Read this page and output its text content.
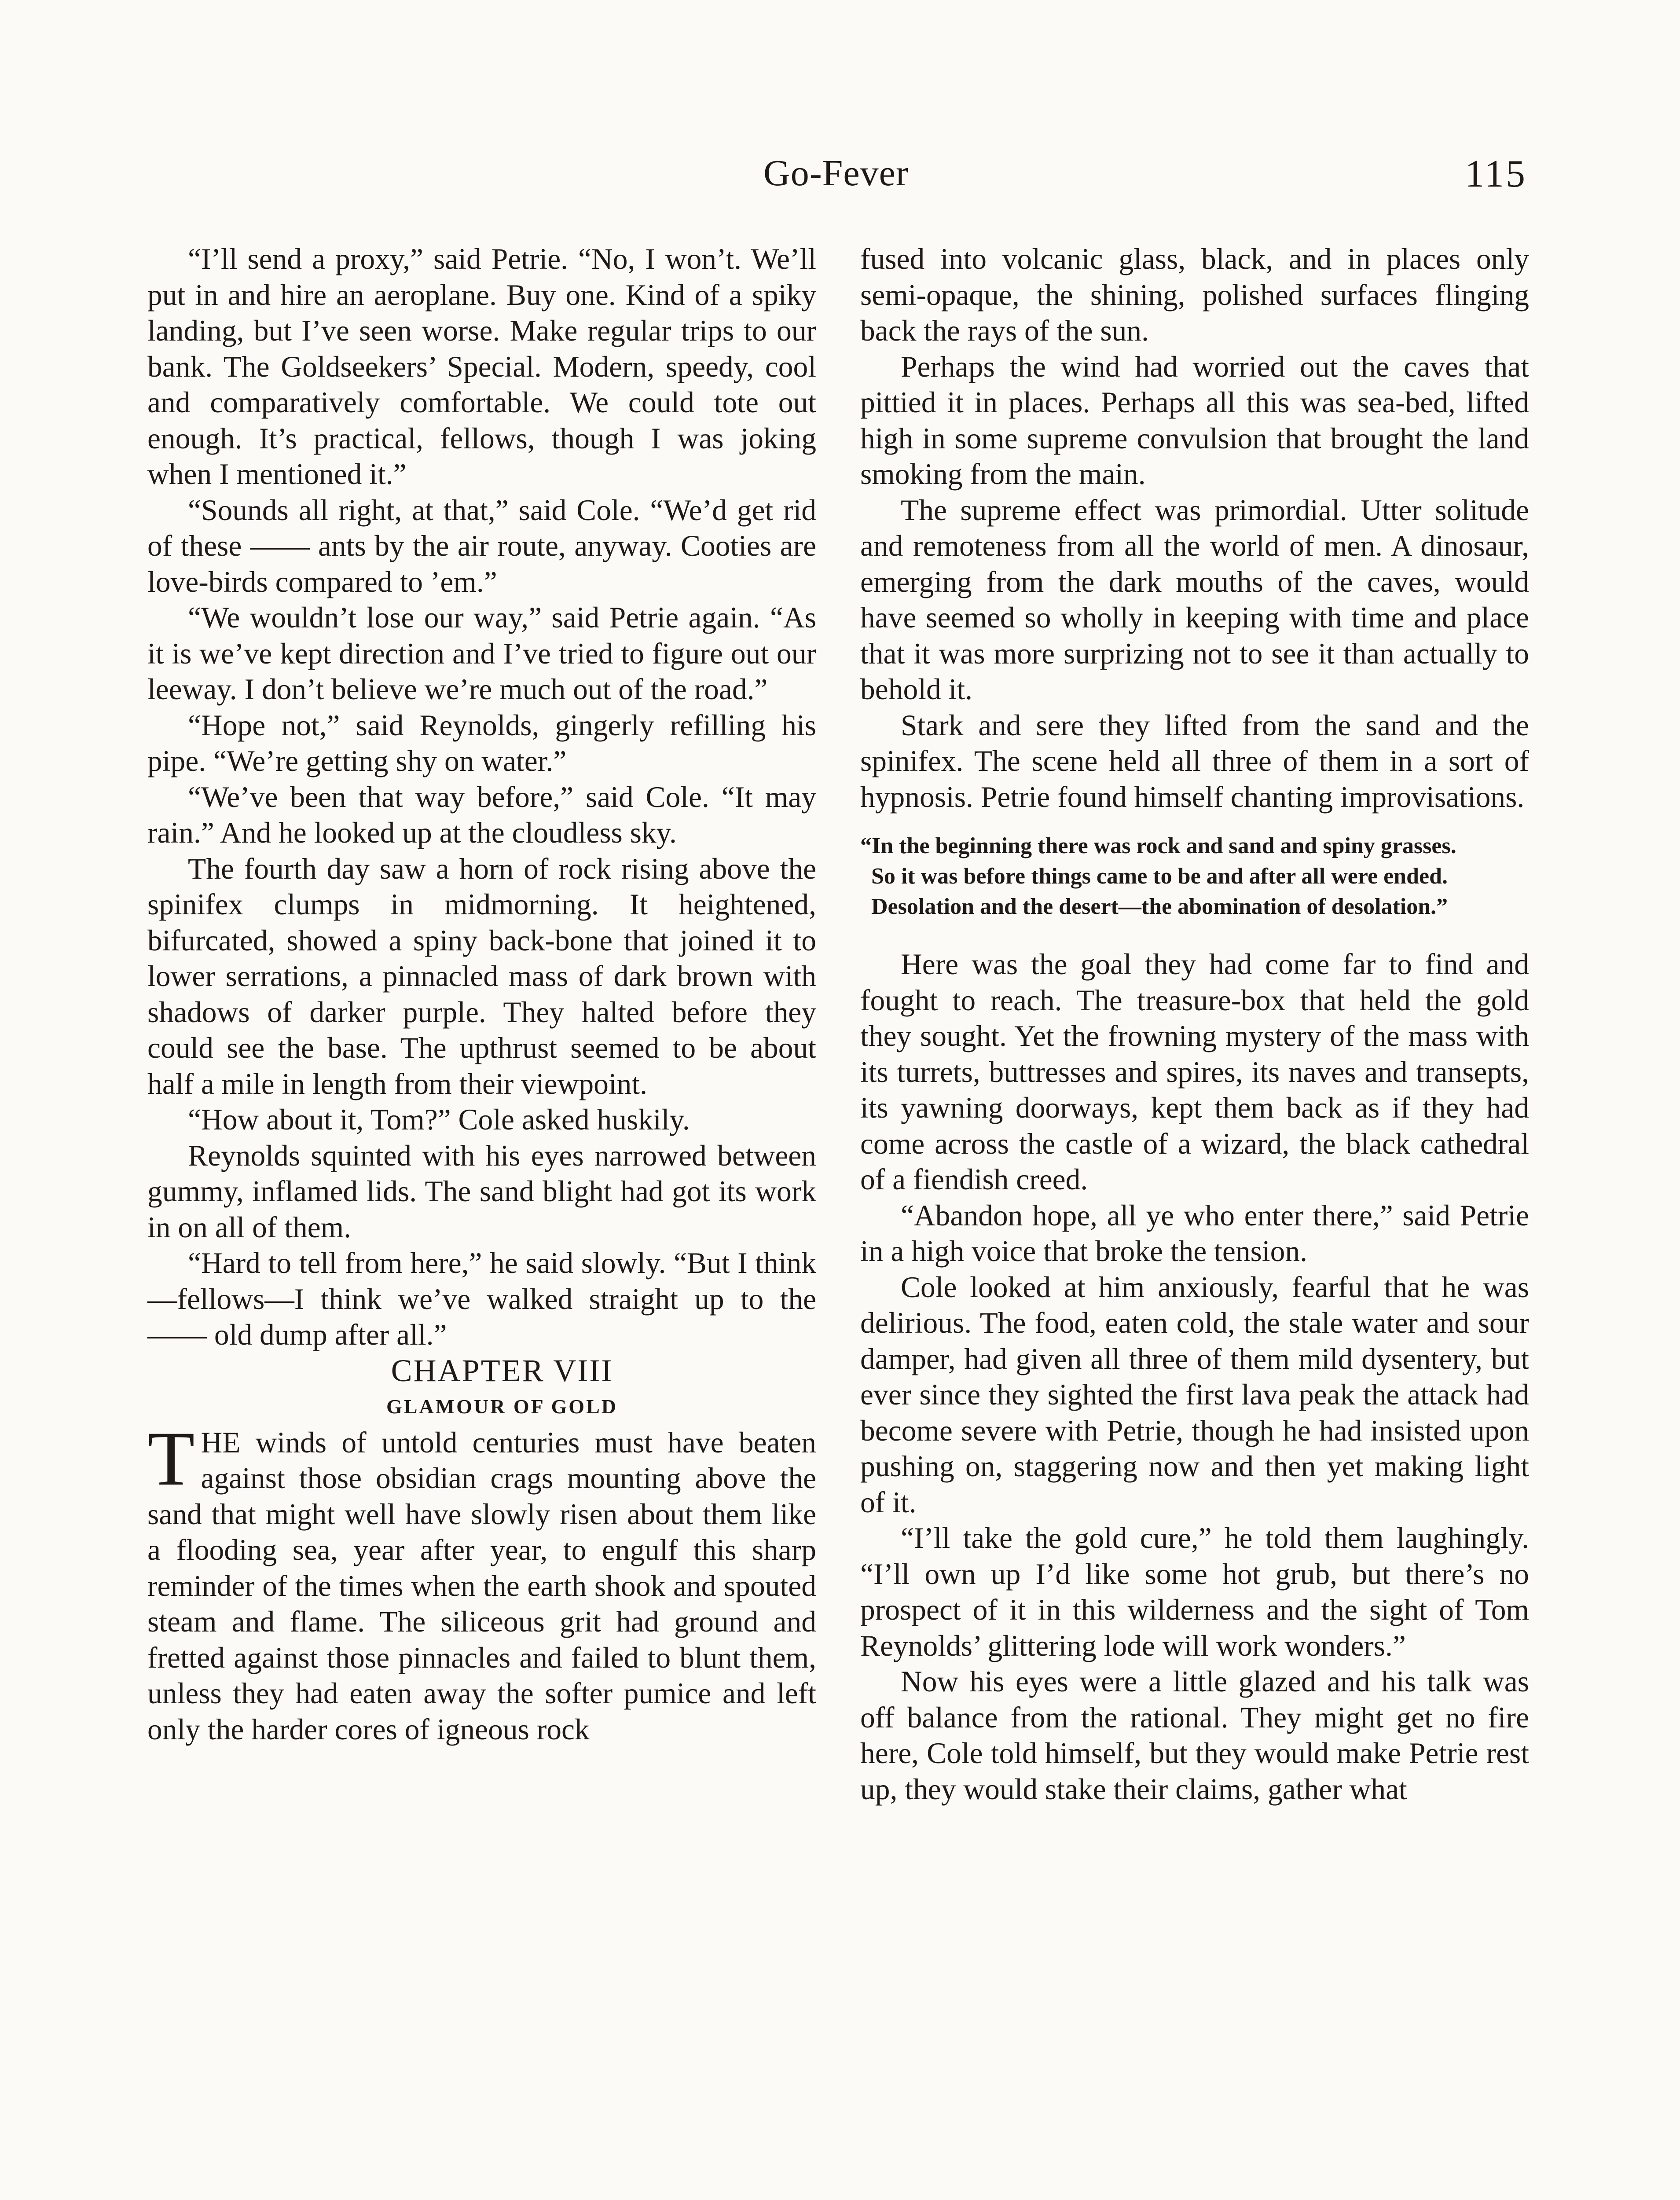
Go-Fever	115

“I’ll send a proxy,” said Petrie. “No, I won’t. We’ll put in and hire an aeroplane. Buy one. Kind of a spiky landing, but I’ve seen worse. Make regular trips to our bank. The Goldseekers’ Special. Modern, speedy, cool and comparatively comfortable. We could tote out enough. It’s practical, fellows, though I was joking when I mentioned it.”

“Sounds all right, at that,” said Cole. “We’d get rid of these —— ants by the air route, anyway. Cooties are love-birds compared to ’em.”

“We wouldn’t lose our way,” said Petrie again. “As it is we’ve kept direction and I’ve tried to figure out our leeway. I don’t believe we’re much out of the road.”

“Hope not,” said Reynolds, gingerly refilling his pipe. “We’re getting shy on water.”

“We’ve been that way before,” said Cole. “It may rain.” And he looked up at the cloudless sky.

The fourth day saw a horn of rock rising above the spinifex clumps in midmorning. It heightened, bifurcated, showed a spiny back-bone that joined it to lower serrations, a pinnacled mass of dark brown with shadows of darker purple. They halted before they could see the base. The upthrust seemed to be about half a mile in length from their viewpoint.

“How about it, Tom?” Cole asked huskily.

Reynolds squinted with his eyes narrowed between gummy, inflamed lids. The sand blight had got its work in on all of them.

“Hard to tell from here,” he said slowly. “But I think—fellows—I think we’ve walked straight up to the —— old dump after all.”

CHAPTER VIII

GLAMOUR OF GOLD

THE winds of untold centuries must have beaten against those obsidian crags mounting above the sand that might well have slowly risen about them like a flooding sea, year after year, to engulf this sharp reminder of the times when the earth shook and spouted steam and flame. The siliceous grit had ground and fretted against those pinnacles and failed to blunt them, unless they had eaten away the softer pumice and left only the harder cores of igneous rock

fused into volcanic glass, black, and in places only semi-opaque, the shining, polished surfaces flinging back the rays of the sun.

Perhaps the wind had worried out the caves that pittied it in places. Perhaps all this was sea-bed, lifted high in some supreme convulsion that brought the land smoking from the main.

The supreme effect was primordial. Utter solitude and remoteness from all the world of men. A dinosaur, emerging from the dark mouths of the caves, would have seemed so wholly in keeping with time and place that it was more surprizing not to see it than actually to behold it.

Stark and sere they lifted from the sand and the spinifex. The scene held all three of them in a sort of hypnosis. Petrie found himself chanting improvisations.

“In the beginning there was rock and sand and spiny grasses.
So it was before things came to be and after all were ended.
Desolation and the desert—the abomination of desolation.”

Here was the goal they had come far to find and fought to reach. The treasure-box that held the gold they sought. Yet the frowning mystery of the mass with its turrets, buttresses and spires, its naves and transepts, its yawning doorways, kept them back as if they had come across the castle of a wizard, the black cathedral of a fiendish creed.

“Abandon hope, all ye who enter there,” said Petrie in a high voice that broke the tension.

Cole looked at him anxiously, fearful that he was delirious. The food, eaten cold, the stale water and sour damper, had given all three of them mild dysentery, but ever since they sighted the first lava peak the attack had become severe with Petrie, though he had insisted upon pushing on, staggering now and then yet making light of it.

“I’ll take the gold cure,” he told them laughingly. “I’ll own up I’d like some hot grub, but there’s no prospect of it in this wilderness and the sight of Tom Reynolds’ glittering lode will work wonders.”

Now his eyes were a little glazed and his talk was off balance from the rational. They might get no fire here, Cole told himself, but they would make Petrie rest up, they would stake their claims, gather what
